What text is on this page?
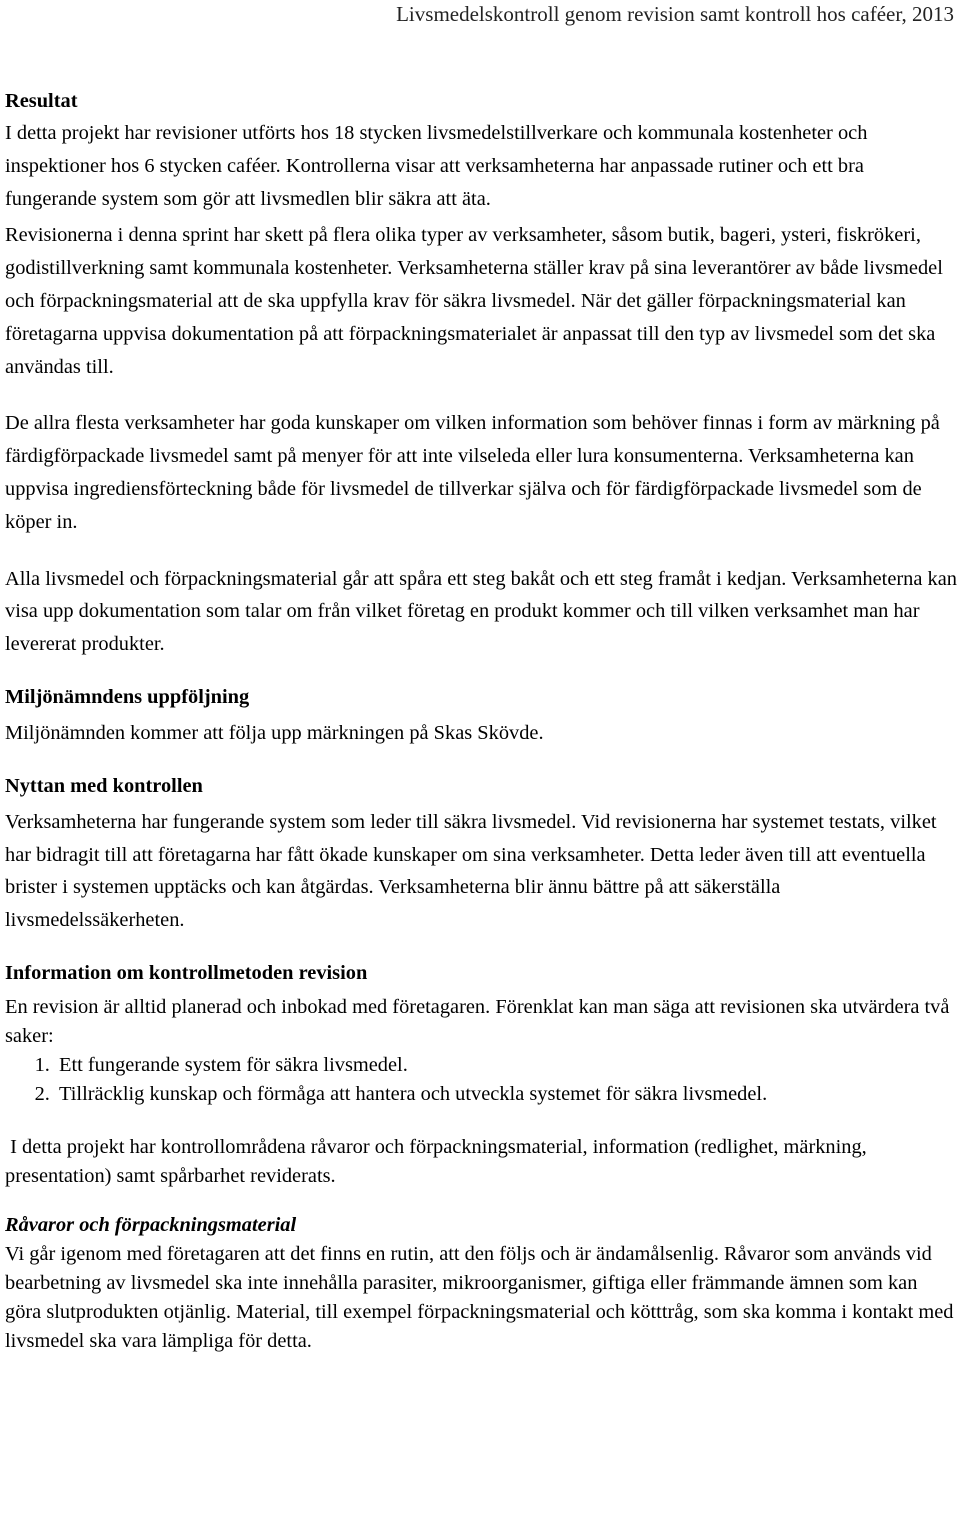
Livsmedelskontroll genom revision samt kontroll hos caféer, 2013
Resultat

I detta projekt har revisioner utförts hos 18 stycken livsmedelstillverkare och kommunala kostenheter och inspektioner hos 6 stycken caféer. Kontrollerna visar att verksamheterna har anpassade rutiner och ett bra fungerande system som gör att livsmedlen blir säkra att äta.

Revisionerna i denna sprint har skett på flera olika typer av verksamheter, såsom butik, bageri, ysteri, fiskrökeri, godistillverkning samt kommunala kostenheter. Verksamheterna ställer krav på sina leverantörer av både livsmedel och förpackningsmaterial att de ska uppfylla krav för säkra livsmedel. När det gäller förpackningsmaterial kan företagarna uppvisa dokumentation på att förpackningsmaterialet är anpassat till den typ av livsmedel som det ska användas till.

De allra flesta verksamheter har goda kunskaper om vilken information som behöver finnas i form av märkning på färdigförpackade livsmedel samt på menyer för att inte vilseleda eller lura konsumenterna. Verksamheterna kan uppvisa ingrediensförteckning både för livsmedel de tillverkar själva och för färdigförpackade livsmedel som de köper in.

Alla livsmedel och förpackningsmaterial går att spåra ett steg bakåt och ett steg framåt i kedjan. Verksamheterna kan visa upp dokumentation som talar om från vilket företag en produkt kommer och till vilken verksamhet man har levererat produkter.

Miljönämndens uppföljning

Miljönämnden kommer att följa upp märkningen på Skas Skövde.

Nyttan med kontrollen

Verksamheterna har fungerande system som leder till säkra livsmedel. Vid revisionerna har systemet testats, vilket har bidragit till att företagarna har fått ökade kunskaper om sina verksamheter. Detta leder även till att eventuella brister i systemen upptäcks och kan åtgärdas. Verksamheterna blir ännu bättre på att säkerställa livsmedelssäkerheten.

Information om kontrollmetoden revision

En revision är alltid planerad och inbokad med företagaren. Förenklat kan man säga att revisionen ska utvärdera två saker:

1. Ett fungerande system för säkra livsmedel.
2. Tillräcklig kunskap och förmåga att hantera och utveckla systemet för säkra livsmedel.

I detta projekt har kontrollområdena råvaror och förpackningsmaterial, information (redlighet, märkning, presentation) samt spårbarhet reviderats.

Råvaror och förpackningsmaterial

Vi går igenom med företagaren att det finns en rutin, att den följs och är ändamålsenlig. Råvaror som används vid bearbetning av livsmedel ska inte innehålla parasiter, mikroorganismer, giftiga eller främmande ämnen som kan göra slutprodukten otjänlig. Material, till exempel förpackningsmaterial och kötttråg, som ska komma i kontakt med livsmedel ska vara lämpliga för detta.
